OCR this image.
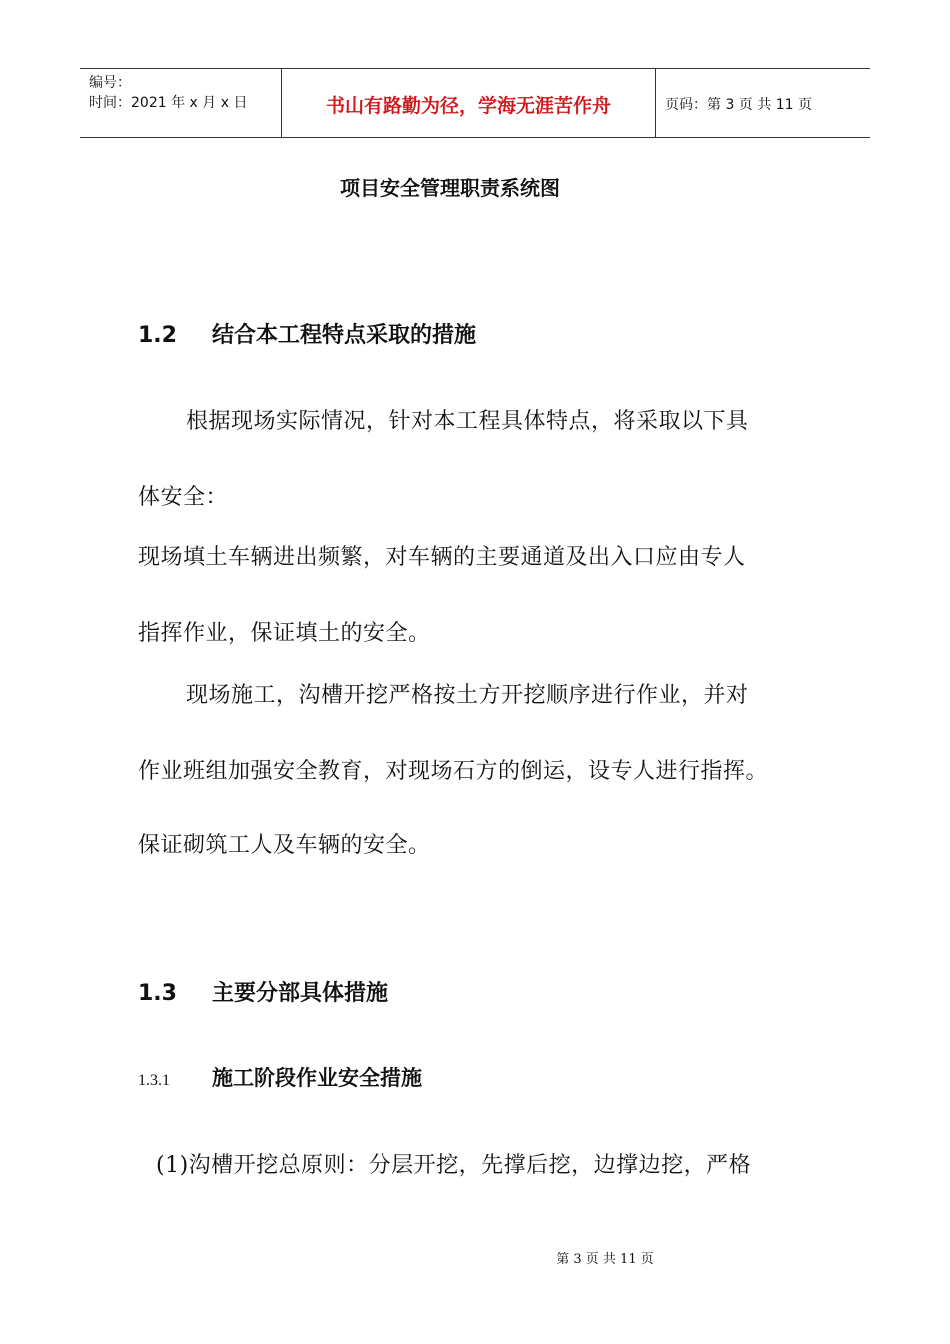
编号：
时间：2021 年 x 月 x 日	书山有路勤为径，学海无涯苦作舟	页码：第 3 页 共 11 页
项目安全管理职责系统图
1.2 结合本工程特点采取的措施
根据现场实际情况，针对本工程具体特点，将采取以下具
体安全：
现场填土车辆进出频繁，对车辆的主要通道及出入口应由专人
指挥作业，保证填土的安全。
现场施工，沟槽开挖严格按土方开挖顺序进行作业，并对
作业班组加强安全教育，对现场石方的倒运，设专人进行指挥。
保证砌筑工人及车辆的安全。
1.3 主要分部具体措施
1.3.1 施工阶段作业安全措施
(1)沟槽开挖总原则：分层开挖，先撑后挖，边撑边挖，严格
第 3 页 共 11 页
